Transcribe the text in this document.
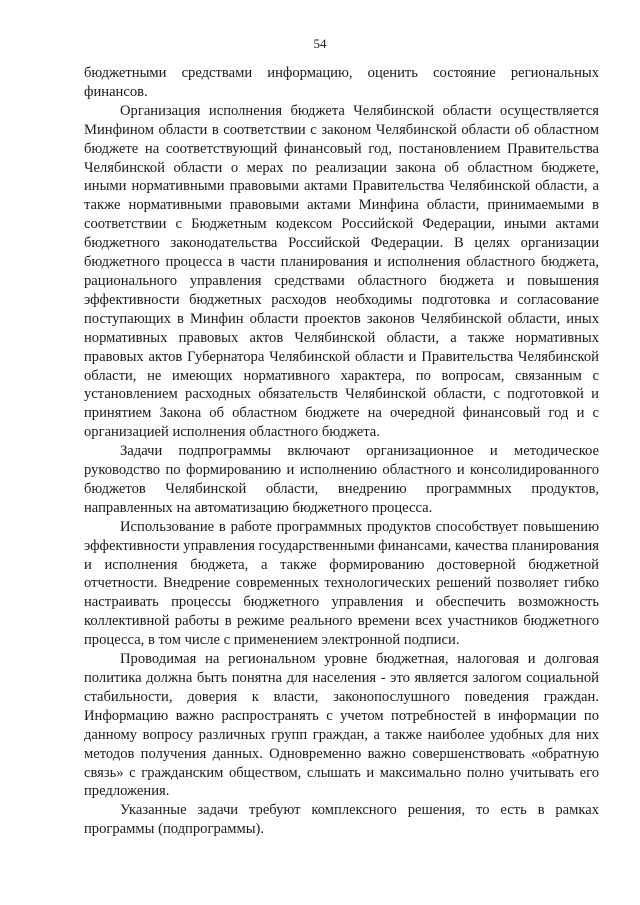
54

бюджетными средствами информацию, оценить состояние региональных финансов.

Организация исполнения бюджета Челябинской области осуществляется Минфином области в соответствии с законом Челябинской области об областном бюджете на соответствующий финансовый год, постановлением Правительства Челябинской области о мерах по реализации закона об областном бюджете, иными нормативными правовыми актами Правительства Челябинской области, а также нормативными правовыми актами Минфина области, принимаемыми в соответствии с Бюджетным кодексом Российской Федерации, иными актами бюджетного законодательства Российской Федерации. В целях организации бюджетного процесса в части планирования и исполнения областного бюджета, рационального управления средствами областного бюджета и повышения эффективности бюджетных расходов необходимы подготовка и согласование поступающих в Минфин области проектов законов Челябинской области, иных нормативных правовых актов Челябинской области, а также нормативных правовых актов Губернатора Челябинской области и Правительства Челябинской области, не имеющих нормативного характера, по вопросам, связанным с установлением расходных обязательств Челябинской области, с подготовкой и принятием Закона об областном бюджете на очередной финансовый год и с организацией исполнения областного бюджета.

Задачи подпрограммы включают организационное и методическое руководство по формированию и исполнению областного и консолидированного бюджетов Челябинской области, внедрению программных продуктов, направленных на автоматизацию бюджетного процесса.

Использование в работе программных продуктов способствует повышению эффективности управления государственными финансами, качества планирования и исполнения бюджета, а также формированию достоверной бюджетной отчетности. Внедрение современных технологических решений позволяет гибко настраивать процессы бюджетного управления и обеспечить возможность коллективной работы в режиме реального времени всех участников бюджетного процесса, в том числе с применением электронной подписи.

Проводимая на региональном уровне бюджетная, налоговая и долговая политика должна быть понятна для населения - это является залогом социальной стабильности, доверия к власти, законопослушного поведения граждан. Информацию важно распространять с учетом потребностей в информации по данному вопросу различных групп граждан, а также наиболее удобных для них методов получения данных. Одновременно важно совершенствовать «обратную связь» с гражданским обществом, слышать и максимально полно учитывать его предложения.

Указанные задачи требуют комплексного решения, то есть в рамках программы (подпрограммы).
